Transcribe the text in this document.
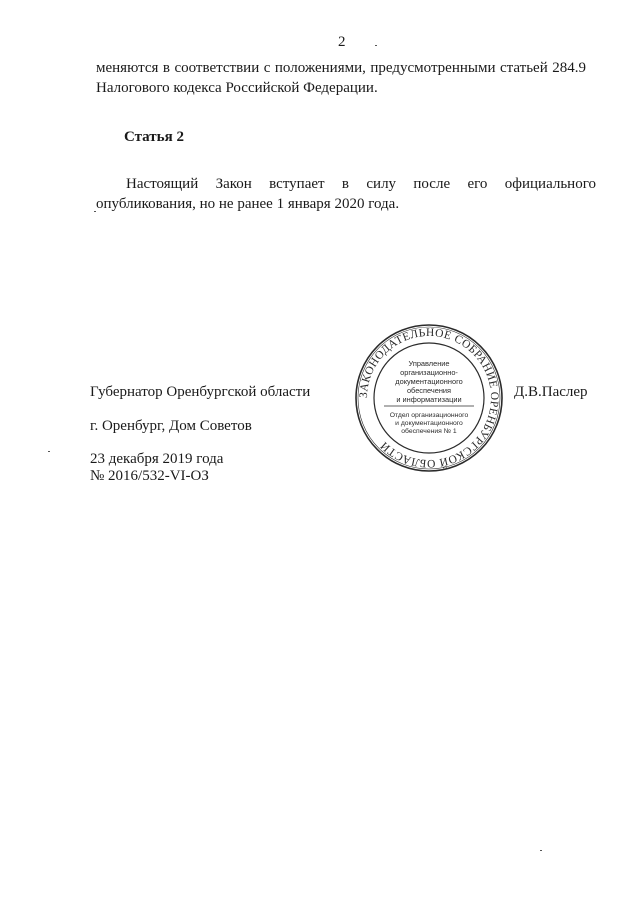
2
меняются в соответствии с положениями, предусмотренными статьей 284.9 Налогового кодекса Российской Федерации.
Статья 2
Настоящий Закон вступает в силу после его официального опубликования, но не ранее 1 января 2020 года.
Губернатор Оренбургской области
г. Оренбург, Дом Советов
23 декабря 2019 года
№ 2016/532-VI-ОЗ
Д.В.Паслер
ЗАКОНОДАТЕЛЬНОЕ СОБРАНИЕ ОРЕНБУРГСКОЙ ОБЛАСТИ
Управление
организационно-
документационного
обеспечения
и информатизации
Отдел организационного
и документационного
обеспечения № 1
